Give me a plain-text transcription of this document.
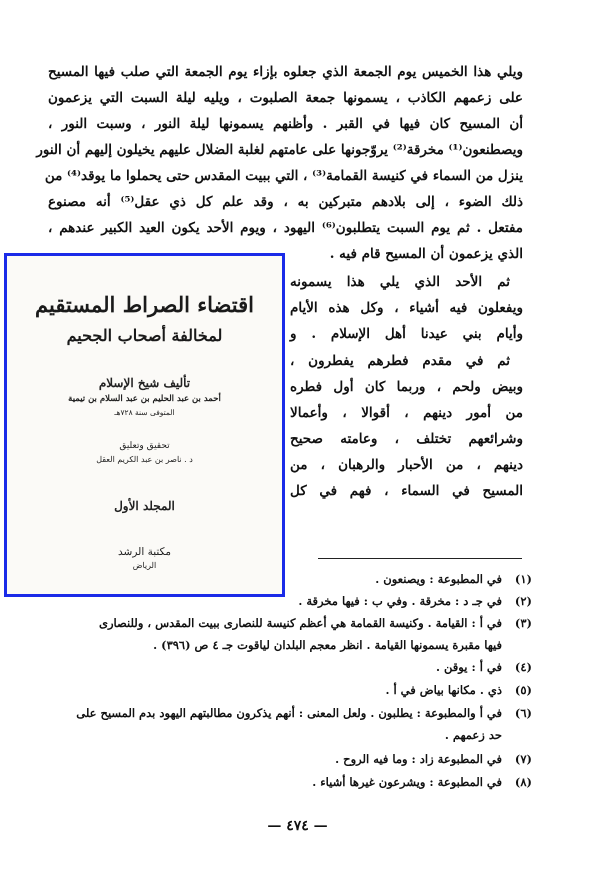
ويلي هذا الخميس يوم الجمعة الذي جعلوه بإزاء يوم الجمعة التي صلب فيها المسيح
على زعمهم الكاذب ، يسمونها جمعة الصلبوت ، ويليه ليلة السبت التي يزعمون
أن المسيح كان فيها في القبر . وأظنهم يسمونها ليلة النور ، وسبت النور ،
ويصطنعون⁽¹⁾ مخرقة⁽²⁾ يروّجونها على عامتهم لغلبة الضلال عليهم يخيلون إليهم أن النور
ينزل من السماء في كنيسة القمامة⁽³⁾ ، التي ببيت المقدس حتى يحملوا ما يوقد⁽⁴⁾ من
ذلك الضوء ، إلى بلادهم متبركين به ، وقد علم كل ذي عقل⁽⁵⁾ أنه مصنوع
مفتعل . ثم يوم السبت يتطلبون⁽⁶⁾ اليهود ، ويوم الأحد يكون العيد الكبير عندهم ،
الذي يزعمون أن المسيح قام فيه .
ثم الأحد الذي يلي هذا يسمونه
ويفعلون فيه أشياء ، وكل هذه الأيام
وأيام بني عيدنا أهل الإسلام . و
ثم في مقدم فطرهم يفطرون ،
وبيض ولحم ، وربما كان أول فطره
من أمور دينهم ، أقوالا ، وأعمالا
وشرائعهم تختلف ، وعامته صحيح
دينهم ، من الأحبار والرهبان ، من
المسيح في السماء ، فهم في كل
(١) في المطبوعة : ويصنعون .
(٢) في جـ د : مخرقة . وفي ب : فيها مخرقة .
(٣) في أ : القيامة . وكنيسة القمامة هي أعظم كنيسة للنصارى ببيت المقدس ، وللنصارى
فيها مقبرة يسمونها القيامة . انظر معجم البلدان لياقوت جـ ٤ ص (٣٩٦) .
(٤) في أ : يوقن .
(٥) ذي . مكانها بياض في أ .
(٦) في أ والمطبوعة : يطلبون . ولعل المعنى : أنهم يذكرون مطالبتهم اليهود بدم المسيح على
حد زعمهم .
(٧) في المطبوعة زاد : وما فيه الروح .
(٨) في المطبوعة : ويشرعون غيرها أشياء .
— ٤٧٤ —
اقتضاء الصراط المستقيم
لمخالفة أصحاب الجحيم
تأليف شيخ الإسلام
أحمد بن عبد الحليم بن عبد السلام بن تيمية
المتوفى سنة ٧٢٨هـ
تحقيق وتعليق
د . ناصر بن عبد الكريم العقل
المجلد الأول
مكتبة الرشد
الرياض
